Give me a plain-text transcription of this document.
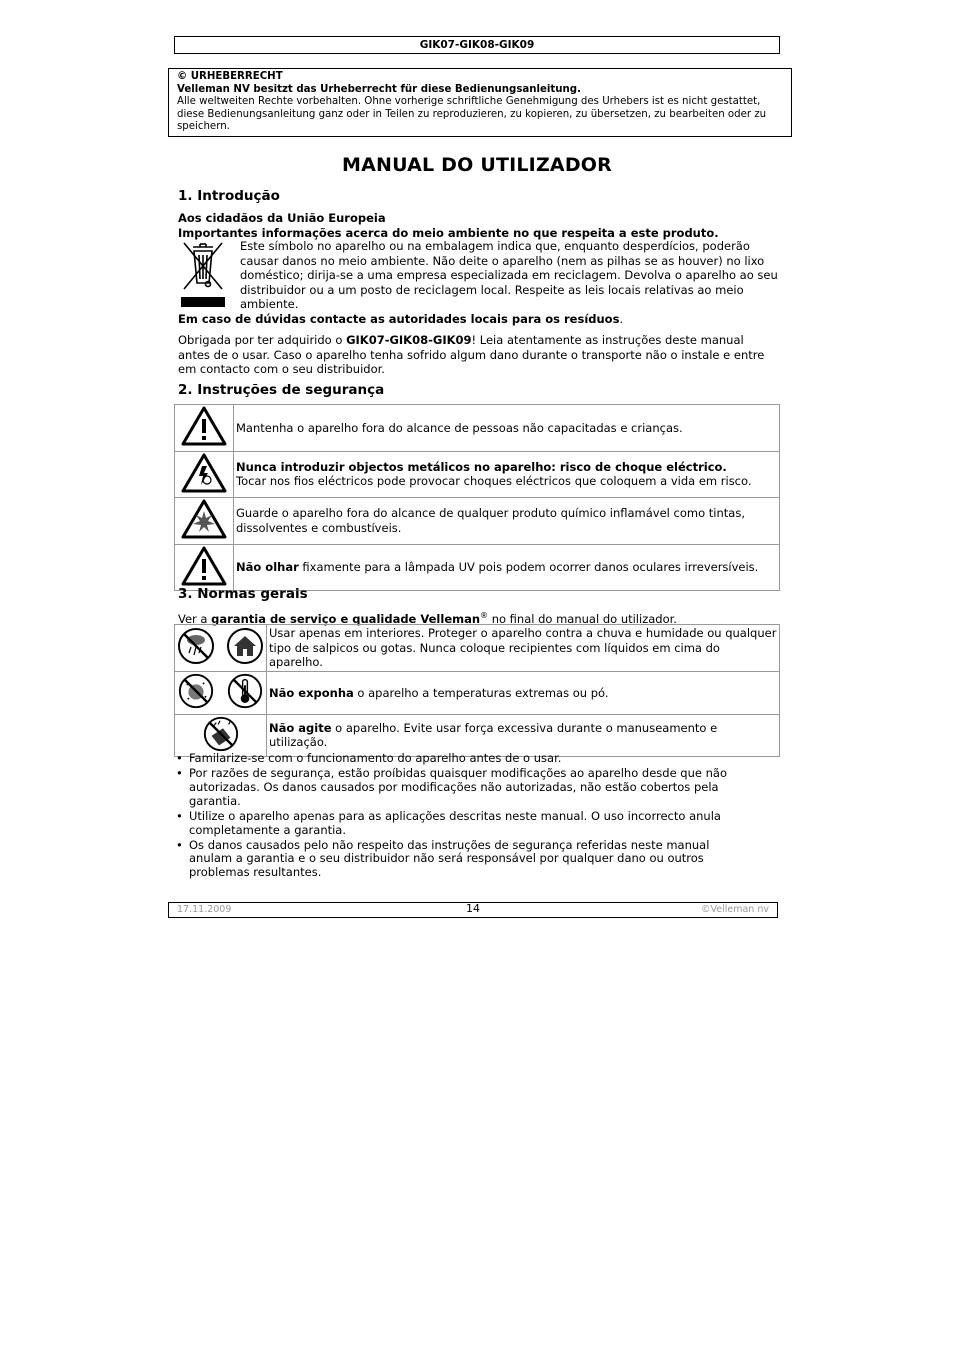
GIK07-GIK08-GIK09
© URHEBERRECHT
Velleman NV besitzt das Urheberrecht für diese Bedienungsanleitung.
Alle weltweiten Rechte vorbehalten. Ohne vorherige schriftliche Genehmigung des Urhebers ist es nicht gestattet, diese Bedienungsanleitung ganz oder in Teilen zu reproduzieren, zu kopieren, zu übersetzen, zu bearbeiten oder zu speichern.
MANUAL DO UTILIZADOR
1. Introdução
Aos cidadãos da União Europeia
Importantes informações acerca do meio ambiente no que respeita a este produto.
Este símbolo no aparelho ou na embalagem indica que, enquanto desperdícios, poderão causar danos no meio ambiente. Não deite o aparelho (nem as pilhas se as houver) no lixo doméstico; dirija-se a uma empresa especializada em reciclagem. Devolva o aparelho ao seu distribuidor ou a um posto de reciclagem local. Respeite as leis locais relativas ao meio ambiente.
Em caso de dúvidas contacte as autoridades locais para os resíduos.
Obrigada por ter adquirido o GIK07-GIK08-GIK09! Leia atentamente as instruções deste manual antes de o usar. Caso o aparelho tenha sofrido algum dano durante o transporte não o instale e entre em contacto com o seu distribuidor.
2. Instruções de segurança
	Mantenha o aparelho fora do alcance de pessoas não capacitadas e crianças.

Nunca introduzir objectos metálicos no aparelho: risco de choque eléctrico.
Tocar nos fios eléctricos pode provocar choques eléctricos que coloquem a vida em risco.

	Guarde o aparelho fora do alcance de qualquer produto químico inflamável como tintas, dissolventes e combustíveis.
	Não olhar fixamente para a lâmpada UV pois podem ocorrer danos oculares irreversíveis.
3. Normas gerais
Ver a garantia de serviço e qualidade Velleman® no final do manual do utilizador.
	Usar apenas em interiores. Proteger o aparelho contra a chuva e humidade ou qualquer tipo de salpicos ou gotas. Nunca coloque recipientes com líquidos em cima do aparelho.
	Não exponha o aparelho a temperaturas extremas ou pó.
	Não agite o aparelho. Evite usar força excessiva durante o manuseamento e utilização.
• Familarize-se com o funcionamento do aparelho antes de o usar.
• Por razões de segurança, estão proíbidas quaisquer modificações ao aparelho desde que não autorizadas. Os danos causados por modificações não autorizadas, não estão cobertos pela garantia.
• Utilize o aparelho apenas para as aplicações descritas neste manual. O uso incorrecto anula completamente a garantia.
• Os danos causados pelo não respeito das instruções de segurança referidas neste manual anulam a garantia e o seu distribuidor não será responsável por qualquer dano ou outros problemas resultantes.
17.11.2009	14	©Velleman nv
